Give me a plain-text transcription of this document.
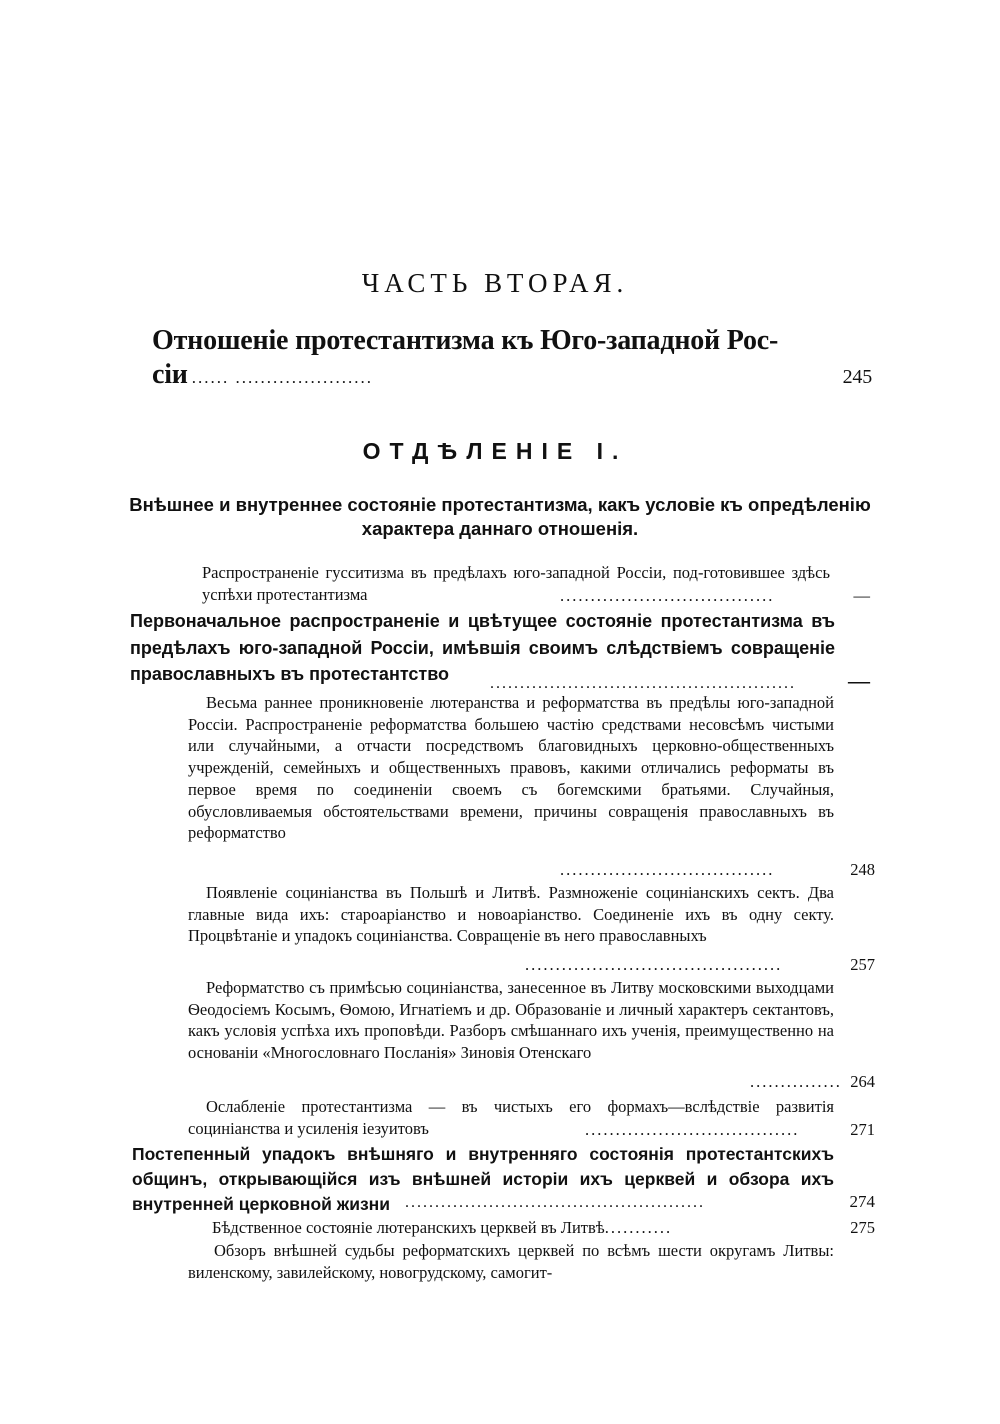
ЧАСТЬ ВТОРАЯ.
Отношеніе протестантизма къ Юго-западной Рос-
сіи ...... ......................	245
ОТДѢЛЕНІЕ I.
Внѣшнее и внутреннее состояніе протестантизма, какъ условіе къ опредѣленію
характера даннаго отношенія.
Распространеніе гусситизма въ предѣлахъ юго-западной Россіи, под-готовившее здѣсь успѣхи протестантизма	...................................	—
Первоначальное распространеніе и цвѣтущее состояніе протестантизма въ предѣлахъ юго-западной Россіи, имѣвшія своимъ слѣдствіемъ совращеніе православныхъ въ протестантство	...................................................	—
Весьма раннее проникновеніе лютеранства и реформатства въ предѣлы юго-западной Россіи. Распространеніе реформатства большею частію средствами несовсѣмъ чистыми или случайными, а отчасти посредствомъ благовидныхъ церковно-общественныхъ учрежденій, семейныхъ и общественныхъ правовъ, какими отличались реформаты въ первое время по соединеніи своемъ съ богемскими братьями. Случайныя, обусловливаемыя обстоятельствами времени, причины совращенія православныхъ въ реформатство
...................................	248
Появленіе социніанства въ Польшѣ и Литвѣ. Размноженіе социніанскихъ сектъ. Два главные вида ихъ: староаріанство и новоаріанство. Соединеніе ихъ въ одну секту. Процвѣтаніе и упадокъ социніанства. Совращеніе въ него православныхъ
..........................................	257
Реформатство съ примѣсью социніанства, занесенное въ Литву московскими выходцами Ѳеодосіемъ Косымъ, Ѳомою, Игнатіемъ и др. Образованіе и личный характеръ сектантовъ, какъ условія успѣха ихъ проповѣди. Разборъ смѣшаннаго ихъ ученія, преимущественно на основаніи «Многословнаго Посланія» Зиновія Отенскаго
............... 264
Ослабленіе протестантизма — въ чистыхъ его формахъ—вслѣдствіе развитія социніанства и усиленія іезуитовъ	...................................	271
Постепенный упадокъ внѣшняго и внутренняго состоянія протестантскихъ общинъ, открывающійся изъ внѣшней исторіи ихъ церквей и обзора ихъ внутренней церковной жизни ..................................................	274
Бѣдственное состояніе лютеранскихъ церквей въ Литвѣ ...........	275
Обзоръ внѣшней судьбы реформатскихъ церквей по всѣмъ шести округамъ Литвы: виленскому, завилейскому, новогрудскому, самогит-
